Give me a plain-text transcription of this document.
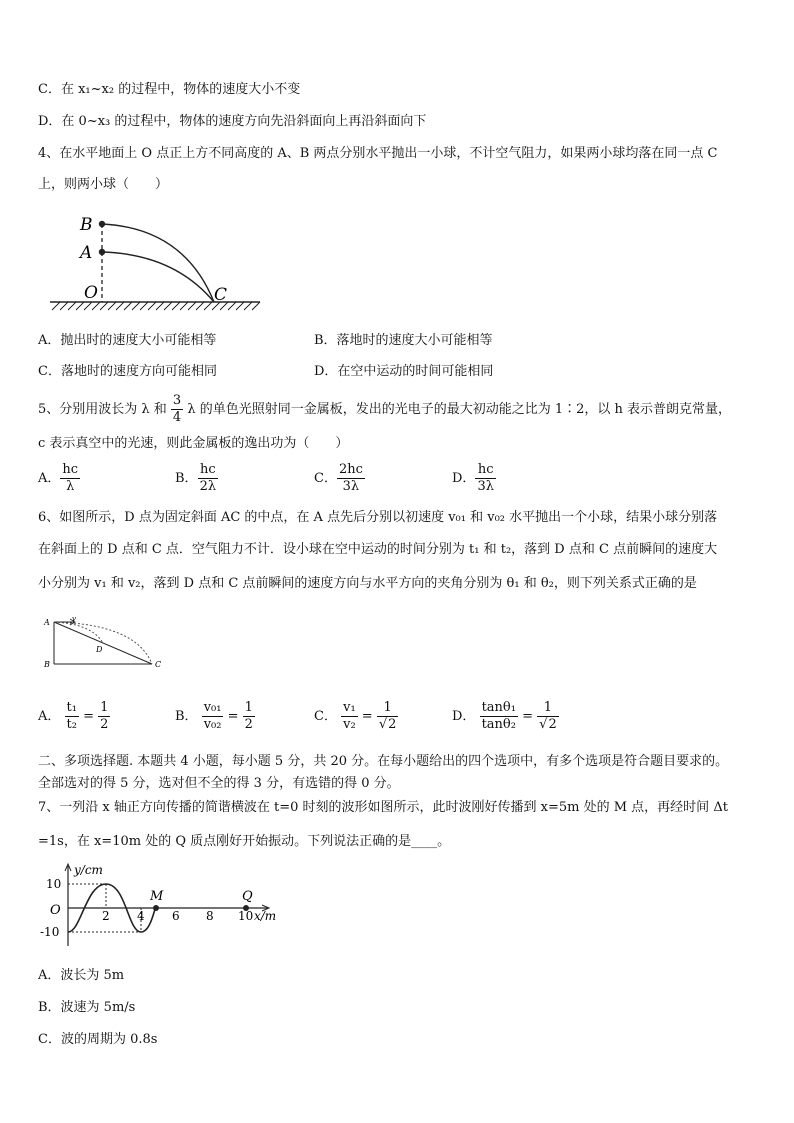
C．在 x₁~x₂ 的过程中，物体的速度大小不变
D．在 0~x₃ 的过程中，物体的速度方向先沿斜面向上再沿斜面向下
4、在水平地面上 O 点正上方不同高度的 A、B 两点分别水平抛出一小球，不计空气阻力，如果两小球均落在同一点 C
上，则两小球（　　）
B
A
O	C
A．抛出时的速度大小可能相等	B．落地时的速度大小可能相等
C．落地时的速度方向可能相同	D．在空中运动的时间可能相同
5、分别用波长为 λ 和 $\frac{3}{4}$ λ 的单色光照射同一金属板，发出的光电子的最大初动能之比为 1∶2，以 h 表示普朗克常量，
c 表示真空中的光速，则此金属板的逸出功为（　　）
A． $\frac{hc}{\lambda}$	B． $\frac{hc}{2\lambda}$	C． $\frac{2hc}{3\lambda}$	D． $\frac{hc}{3\lambda}$
6、如图所示，D 点为固定斜面 AC 的中点，在 A 点先后分别以初速度 v₀₁ 和 v₀₂ 水平抛出一个小球，结果小球分别落
在斜面上的 D 点和 C 点．空气阻力不计．设小球在空中运动的时间分别为 t₁ 和 t₂，落到 D 点和 C 点前瞬间的速度大
小分别为 v₁ 和 v₂，落到 D 点和 C 点前瞬间的速度方向与水平方向的夹角分别为 θ₁ 和 θ₂，则下列关系式正确的是
A	v
D
B	C
A． $\frac{\text{t₁}}{\text{t₂}} = \frac{1}{2}$	B． $\frac{\text{v₀₁}}{\text{v₀₂}} = \frac{1}{2}$	C． $\frac{\text{v₁}}{\text{v₂}} = \frac{1}{√2}$	D． $\frac{\text{tanθ₁}}{\text{tanθ₂}} = \frac{1}{√2}$
二、多项选择题. 本题共 4 小题，每小题 5 分，共 20 分。在每小题给出的四个选项中，有多个选项是符合题目要求的。
全部选对的得 5 分，选对但不全的得 3 分，有选错的得 0 分。
7、一列沿 x 轴正方向传播的简谐横波在 t=0 时刻的波形如图所示，此时波刚好传播到 x=5m 处的 M 点，再经时间 Δt
=1s，在 x=10m 处的 Q 质点刚好开始振动。下列说法正确的是____。
y/cm
x/m
O
10
-10
2 4 6 8 10
M	Q
A．波长为 5m
B．波速为 5m/s
C．波的周期为 0.8s
